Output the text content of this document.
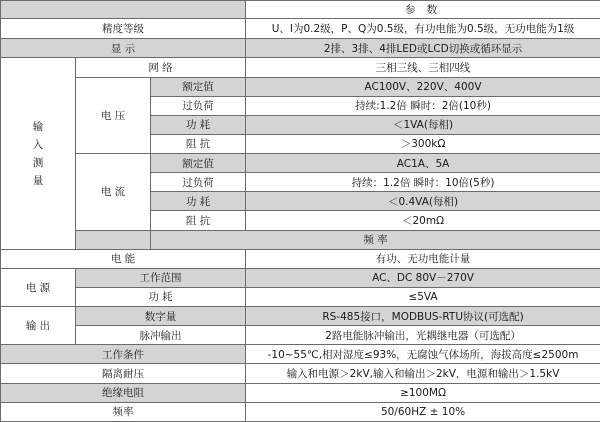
			参 数	
精度等级			U、I为0.2级，P、Q为0.5级，有功电能为0.5级，无功电能为1级	
显 示			2排、3排、4排LED或LCD切换或循环显示	

输
入
测
量	网 络		三相三线、三相四线	
	电 压	额定值	AC100V、220V、400V	
		过负荷	持续:1.2倍 瞬时：2倍(10秒)	
		功 耗	＜1VA(每相)	
		阻 抗	＞300kΩ	
	电 流	额定值	AC1A、5A	
		过负荷	持续：1.2倍 瞬时：10倍(5秒)	
		功 耗	＜0.4VA(每相)	
		阻 抗	＜20mΩ	
		频 率	
电 能			有功、无功电能计量	
电 源	工作范围		AC、DC 80V－270V	
	功 耗		≤5VA	
输 出	数字量		RS-485接口，MODBUS-RTU协议(可选配)	
	脉冲输出		2路电能脉冲输出，光耦继电器（可选配）	
工作条件			-10~55℃,相对湿度≤93%，无腐蚀气体场所，海拔高度≤2500m	
隔离耐压			输入和电源＞2kV,输入和输出＞2kV，电源和输出＞1.5kV	
绝缘电阻			≥100MΩ	
频率			50/60HZ ± 10%	
